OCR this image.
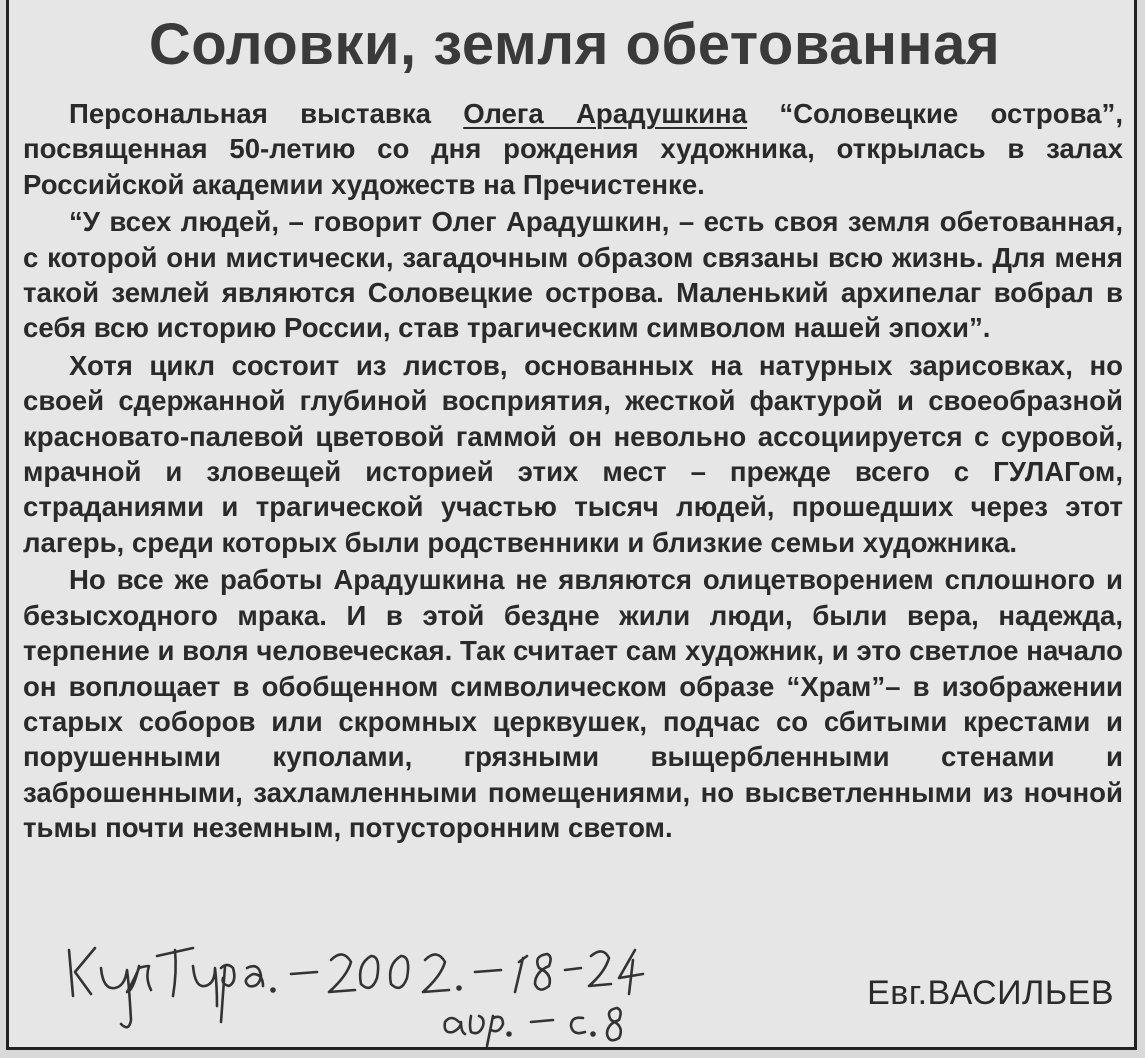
Соловки, земля обетованная

Персональная выставка Олега Арадушкина “Соловецкие острова”, посвященная 50-летию со дня рождения художника, открылась в залах Российской академии художеств на Пречистенке.

“У всех людей, – говорит Олег Арадушкин, – есть своя земля обетованная, с которой они мистически, загадочным образом связаны всю жизнь. Для меня такой землей являются Соловецкие острова. Маленький архипелаг вобрал в себя всю историю России, став трагическим символом нашей эпохи”.

Хотя цикл состоит из листов, основанных на натурных зарисовках, но своей сдержанной глубиной восприятия, жесткой фактурой и своеобразной красновато-палевой цветовой гаммой он невольно ассоциируется с суровой, мрачной и зловещей историей этих мест – прежде всего с ГУЛАГом, страданиями и трагической участью тысяч людей, прошедших через этот лагерь, среди которых были родственники и близкие семьи художника.

Но все же работы Арадушкина не являются олицетворением сплошного и безысходного мрака. И в этой бездне жили люди, были вера, надежда, терпение и воля человеческая. Так считает сам художник, и это светлое начало он воплощает в обобщенном символическом образе “Храм”– в изображении старых соборов или скромных церквушек, подчас со сбитыми крестами и порушенными куполами, грязными выщербленными стенами и заброшенными, захламленными помещениями, но высветленными из ночной тьмы почти неземным, потусторонним светом.

Евг.ВАСИЛЬЕВ
